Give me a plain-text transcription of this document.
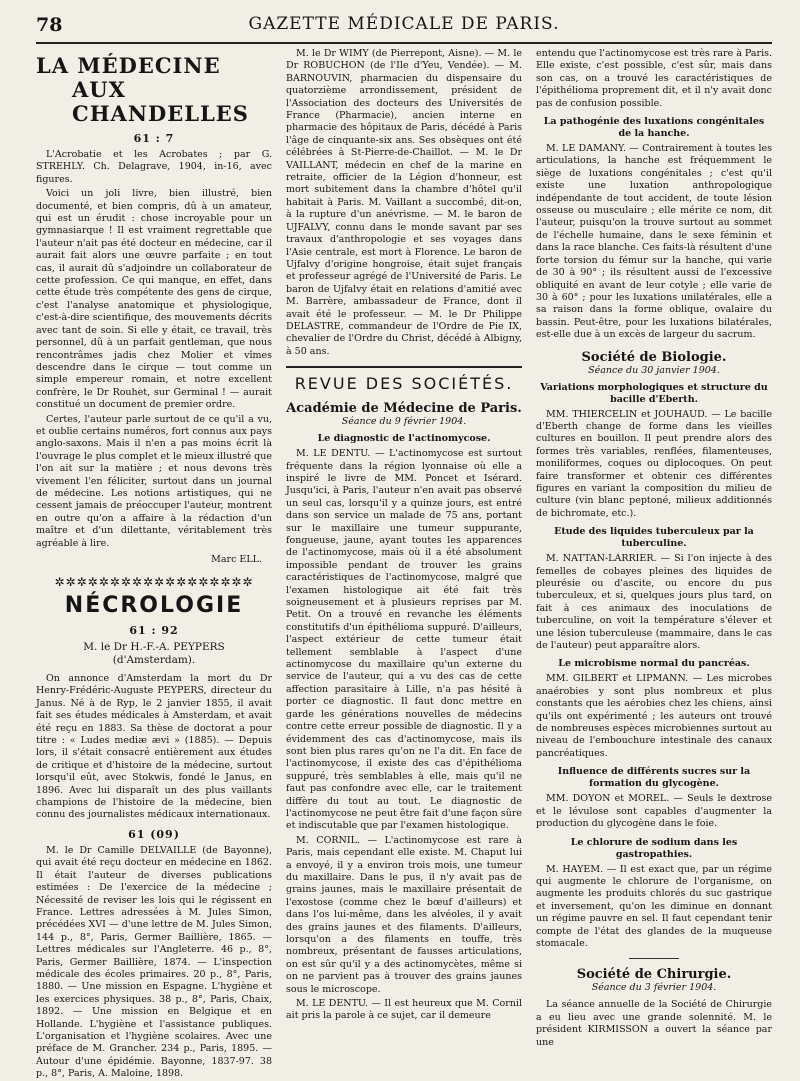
78	GAZETTE MÉDICALE DE PARIS.
LA MÉDECINE
AUX CHANDELLES
61 : 7

L'Acrobatie et les Acrobates ; par G. STREHLY. Ch. Delagrave, 1904, in-16, avec figures.

Voici un joli livre, bien illustré, bien documenté, et bien compris, dû à un amateur, qui est un érudit : chose incroyable pour un gymnasiarque ! Il est vraiment regrettable que l'auteur n'ait pas été docteur en médecine, car il aurait fait alors une œuvre parfaite ; en tout cas, il aurait dû s'adjoindre un collaborateur de cette profession. Ce qui manque, en effet, dans cette étude très compétente des gens de cirque, c'est l'analyse anatomique et physiologique, c'est-à-dire scientifique, des mouvements décrits avec tant de soin. Si elle y était, ce travail, très personnel, dû à un parfait gentleman, que nous rencontrâmes jadis chez Molier et vîmes descendre dans le cirque — tout comme un simple empereur romain, et notre excellent confrère, le Dr Rouhet, sur Germinal ! — aurait constitué un document de premier ordre.

Certes, l'auteur parle surtout de ce qu'il a vu, et oublie certains numéros, fort connus aux pays anglo-saxons. Mais il n'en a pas moins écrit là l'ouvrage le plus complet et le mieux illustré que l'on ait sur la matière ; et nous devons très vivement l'en féliciter, surtout dans un journal de médecine. Les notions artistiques, qui ne cessent jamais de préoccuper l'auteur, montrent en outre qu'on a affaire à la rédaction d'un maître et d'un dilettante, véritablement très agréable à lire.

Marc ELL.
✲✲✲✲✲✲✲✲✲✲✲✲✲✲✲✲✲✲
NÉCROLOGIE
61 : 92
M. le Dr H.-F.-A. PEYPERS
(d'Amsterdam).

On annonce d'Amsterdam la mort du Dr Henry-Frédéric-Auguste PEYPERS, directeur du Janus. Né à de Ryp, le 2 janvier 1855, il avait fait ses études médicales à Amsterdam, et avait été reçu en 1883. Sa thèse de doctorat a pour titre : « Ludes mediæ ævi » (1885). — Depuis lors, il s'était consacré entièrement aux études de critique et d'histoire de la médecine, surtout lorsqu'il eût, avec Stokwis, fondé le Janus, en 1896. Avec lui disparaît un des plus vaillants champions de l'histoire de la médecine, bien connu des journalistes médicaux internationaux.

61 (09)

M. le Dr Camille DELVAILLE (de Bayonne), qui avait été reçu docteur en médecine en 1862. Il était l'auteur de diverses publications estimées : De l'exercice de la médecine ; Nécessité de reviser les lois qui le régissent en France. Lettres adressées à M. Jules Simon, précédées XVI — d'une lettre de M. Jules Simon, 144 p., 8°, Paris, Germer Baillière, 1865. — Lettres médicales sur l'Angleterre. 46 p., 8°, Paris, Germer Baillière, 1874. — L'inspection médicale des écoles primaires. 20 p., 8°, Paris, 1880. — Une mission en Espagne. L'hygiène et les exercices physiques. 38 p., 8°, Paris, Chaix, 1892. — Une mission en Belgique et en Hollande. L'hygiène et l'assistance publiques. L'organisation et l'hygiène scolaires. Avec une préface de M. Grancher. 234 p., Paris, 1895. — Autour d'une épidémie. Bayonne, 1837-97. 38 p., 8°, Paris, A. Maloine, 1898.

M. le Dr WIMY (de Pierrepont, Aisne). — M. le Dr ROBUCHON (de l'Ile d'Yeu, Vendée). — M. BARNOUVIN, pharmacien du dispensaire du quatorzième arrondissement, président de l'Association des docteurs des Universités de France (Pharmacie), ancien interne en pharmacie des hôpitaux de Paris, décédé à Paris l'âge de cinquante-six ans. Ses obsèques ont été célébrées à St-Pierre-de-Chaillot. — M. le Dr VAILLANT, médecin en chef de la marine en retraite, officier de la Légion d'honneur, est mort subitement dans la chambre d'hôtel qu'il habitait à Paris. M. Vaillant a succombé, dit-on, à la rupture d'un anévrisme. — M. le baron de UJFALVY, connu dans le monde savant par ses travaux d'anthropologie et ses voyages dans l'Asie centrale, est mort à Florence. Le baron de Ujfalvy d'origine hongroise, était sujet français et professeur agrégé de l'Université de Paris. Le baron de Ujfalvy était en relations d'amitié avec M. Barrère, ambassadeur de France, dont il avait été le professeur. — M. le Dr Philippe DELASTRE, commandeur de l'Ordre de Pie IX, chevalier de l'Ordre du Christ, décédé à Albigny, à 50 ans.

REVUE DES SOCIÉTÉS.
Académie de Médecine de Paris.
Séance du 9 février 1904.
Le diagnostic de l'actinomycose.

M. LE DENTU. — L'actinomycose est surtout fréquente dans la région lyonnaise où elle a inspiré le livre de MM. Poncet et Isérard. Jusqu'ici, à Paris, l'auteur n'en avait pas observé un seul cas, lorsqu'il y a quinze jours, est entré dans son service un malade de 75 ans, portant sur le maxillaire une tumeur suppurante, fongueuse, jaune, ayant toutes les apparences de l'actinomycose, mais où il a été absolument impossible pendant de trouver les grains caractéristiques de l'actinomycose, malgré que l'examen histologique ait été fait très soigneusement et à plusieurs reprises par M. Petit. On a trouvé en revanche les éléments constitutifs d'un épithélioma suppuré. D'ailleurs, l'aspect extérieur de cette tumeur était tellement semblable à l'aspect d'une actinomycose du maxillaire qu'un externe du service de l'auteur, qui a vu des cas de cette affection parasitaire à Lille, n'a pas hésité à porter ce diagnostic. Il faut donc mettre en garde les générations nouvelles de médecins contre cette erreur possible de diagnostic. Il y a évidemment des cas d'actinomycose, mais ils sont bien plus rares qu'on ne l'a dit. En face de l'actinomycose, il existe des cas d'épithélioma suppuré, très semblables à elle, mais qu'il ne faut pas confondre avec elle, car le traitement diffère du tout au tout. Le diagnostic de l'actinomycose ne peut être fait d'une façon sûre et indiscutable que par l'examen histologique.

M. CORNIL. — L'actinomycose est rare à Paris, mais cependant elle existe. M. Chaput lui a envoyé, il y a environ trois mois, une tumeur du maxillaire. Dans le pus, il n'y avait pas de grains jaunes, mais le maxillaire présentait de l'exostose (comme chez le bœuf d'ailleurs) et dans l'os lui-même, dans les alvéoles, il y avait des grains jaunes et des filaments. D'ailleurs, lorsqu'on a des filaments en touffe, très nombreux, présentant de fausses articulations, on est sûr qu'il y a des actinomycètes, même si on ne parvient pas à trouver des grains jaunes sous le microscope.

M. LE DENTU. — Il est heureux que M. Cornil ait pris la parole à ce sujet, car il demeure

entendu que l'actinomycose est très rare à Paris. Elle existe, c'est possible, c'est sûr, mais dans son cas, on a trouvé les caractéristiques de l'épithélioma proprement dit, et il n'y avait donc pas de confusion possible.

La pathogénie des luxations congénitales de la hanche.

M. LE DAMANY. — Contrairement à toutes les articulations, la hanche est fréquemment le siège de luxations congénitales ; c'est qu'il existe une luxation anthropologique indépendante de tout accident, de toute lésion osseuse ou musculaire ; elle mérite ce nom, dit l'auteur, puisqu'on la trouve surtout au sommet de l'échelle humaine, dans le sexe féminin et dans la race blanche. Ces faits-là résultent d'une forte torsion du fémur sur la hanche, qui varie de 30 à 90° ; ils résultent aussi de l'excessive obliquité en avant de leur cotyle ; elle varie de 30 à 60° ; pour les luxations unilatérales, elle a sa raison dans la forme oblique, ovalaire du bassin. Peut-être, pour les luxations bilatérales, est-elle due à un excès de largeur du sacrum.

Société de Biologie.
Séance du 30 janvier 1904.
Variations morphologiques et structure du bacille d'Eberth.

MM. THIERCELIN et JOUHAUD. — Le bacille d'Eberth change de forme dans les vieilles cultures en bouillon. Il peut prendre alors des formes très variables, renflées, filamenteuses, moniliformes, coques ou diplocoques. On peut faire transformer et obtenir ces différentes figures en variant la composition du milieu de culture (vin blanc peptoné, milieux additionnés de bichromate, etc.).

Etude des liquides tuberculeux par la tuberculine.

M. NATTAN-LARRIER. — Si l'on injecte à des femelles de cobayes pleines des liquides de pleurésie ou d'ascite, ou encore du pus tuberculeux, et si, quelques jours plus tard, on fait à ces animaux des inoculations de tuberculine, on voit la température s'élever et une lésion tuberculeuse (mammaire, dans le cas de l'auteur) peut apparaître alors.

Le microbisme normal du pancréas.

MM. GILBERT et LIPMANN. — Les microbes anaérobies y sont plus nombreux et plus constants que les aérobies chez les chiens, ainsi qu'ils ont expérimenté ; les auteurs ont trouvé de nombreuses espèces microbiennes surtout au niveau de l'embouchure intestinale des canaux pancréatiques.

Influence de différents sucres sur la formation du glycogène.

MM. DOYON et MOREL. — Seuls le dextrose et le lévulose sont capables d'augmenter la production du glycogène dans le foie.

Le chlorure de sodium dans les gastropathies.

M. HAYEM. — Il est exact que, par un régime qui augmente le chlorure de l'organisme, on augmente les produits chlorés du suc gastrique et inversement, qu'on les diminue en donnant un régime pauvre en sel. Il faut cependant tenir compte de l'état des glandes de la muqueuse stomacale.

Société de Chirurgie.
Séance du 3 février 1904.

La séance annuelle de la Société de Chirurgie a eu lieu avec une grande solennité. M. le président KIRMISSON a ouvert la séance par une
